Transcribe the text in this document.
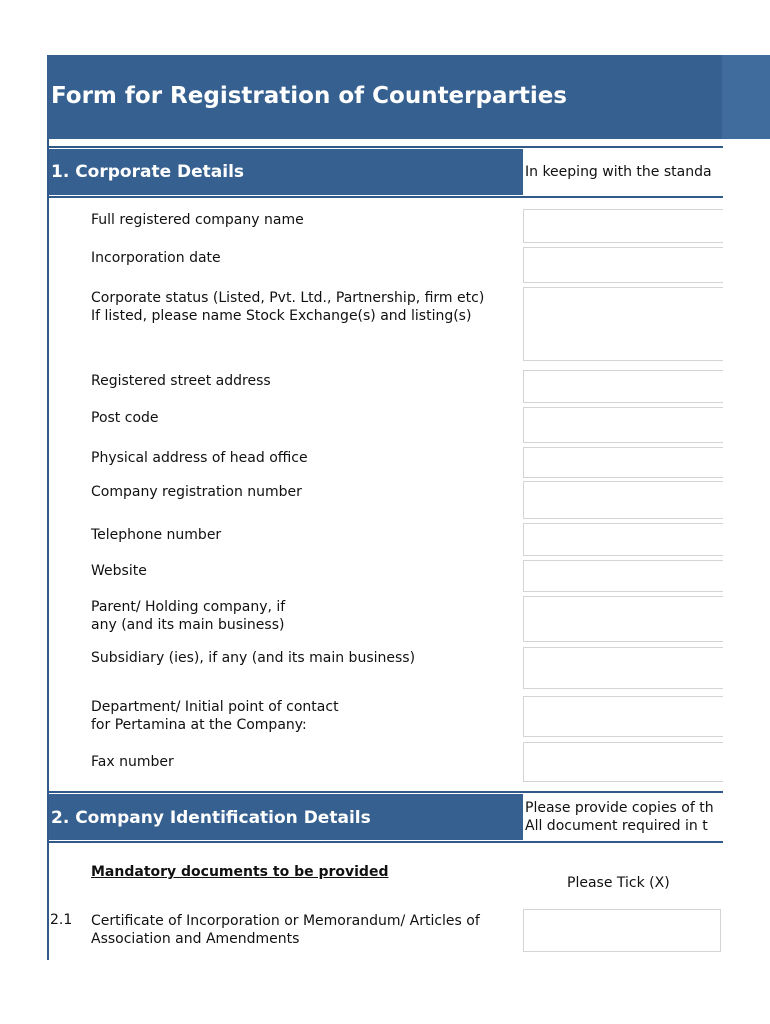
Form for Registration of Counterparties
1. Corporate Details	In keeping with the standa
Full registered company name
Incorporation date
Corporate status (Listed, Pvt. Ltd., Partnership, firm etc)
If listed, please name Stock Exchange(s) and listing(s)
Registered street address
Post code
Physical address of head office
Company registration number
Telephone number
Website
Parent/ Holding company, if
any (and its main business)
Subsidiary (ies), if any (and its main business)
Department/ Initial point of contact
for Pertamina at the Company:
Fax number
2. Company Identification Details	Please provide copies of th
All document required in t
Mandatory documents to be provided
Please Tick (X)
2.1 Certificate of Incorporation or Memorandum/ Articles of
Association and Amendments
